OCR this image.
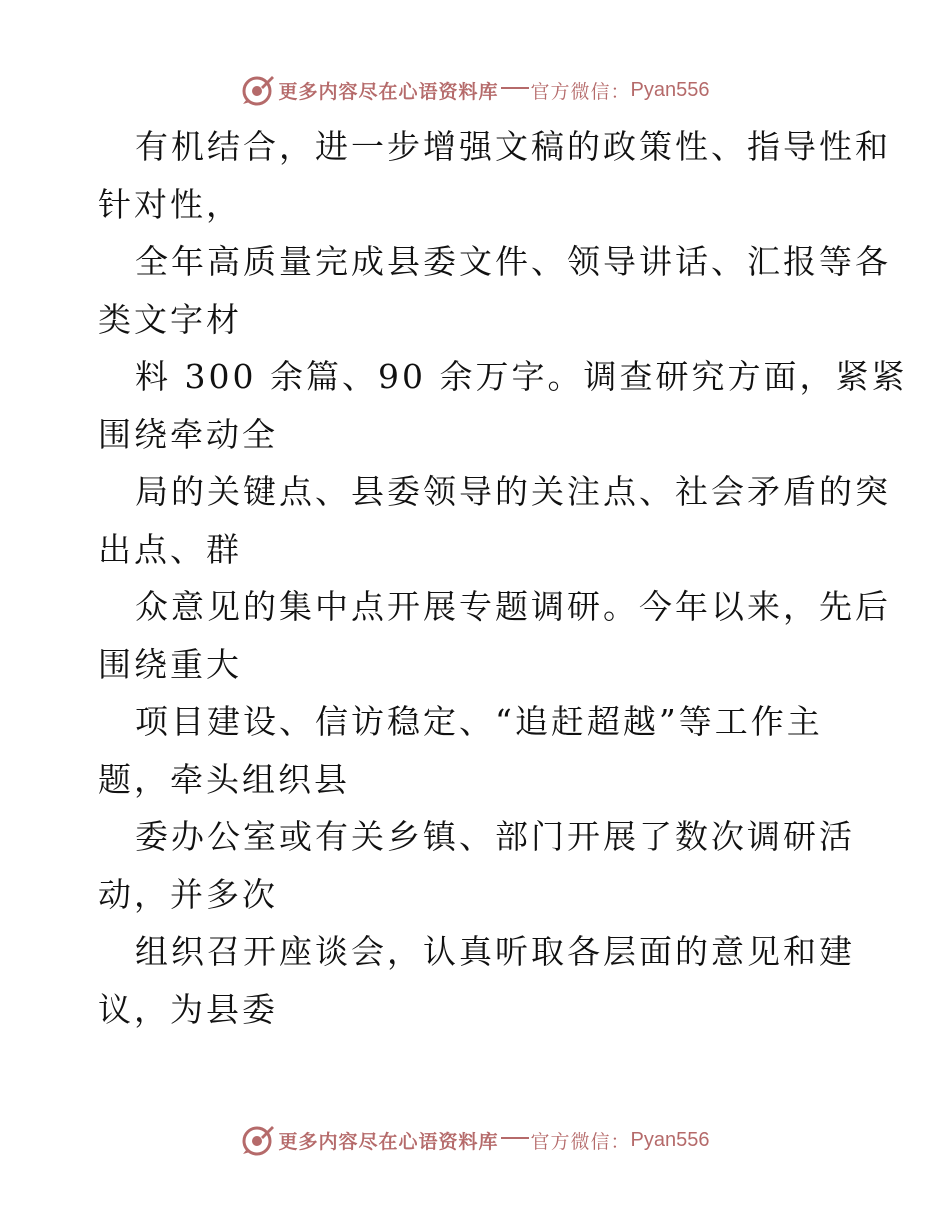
更多内容尽在心语资料库 官方微信： Pyan556
有机结合，进一步增强文稿的政策性、指导性和
针对性，
全年高质量完成县委文件、领导讲话、汇报等各
类文字材
料 300 余篇、90 余万字。调查研究方面，紧紧
围绕牵动全
局的关键点、县委领导的关注点、社会矛盾的突
出点、群
众意见的集中点开展专题调研。今年以来，先后
围绕重大
项目建设、信访稳定、“追赶超越”等工作主
题，牵头组织县
委办公室或有关乡镇、部门开展了数次调研活
动，并多次
组织召开座谈会，认真听取各层面的意见和建
议，为县委
更多内容尽在心语资料库 官方微信： Pyan556
